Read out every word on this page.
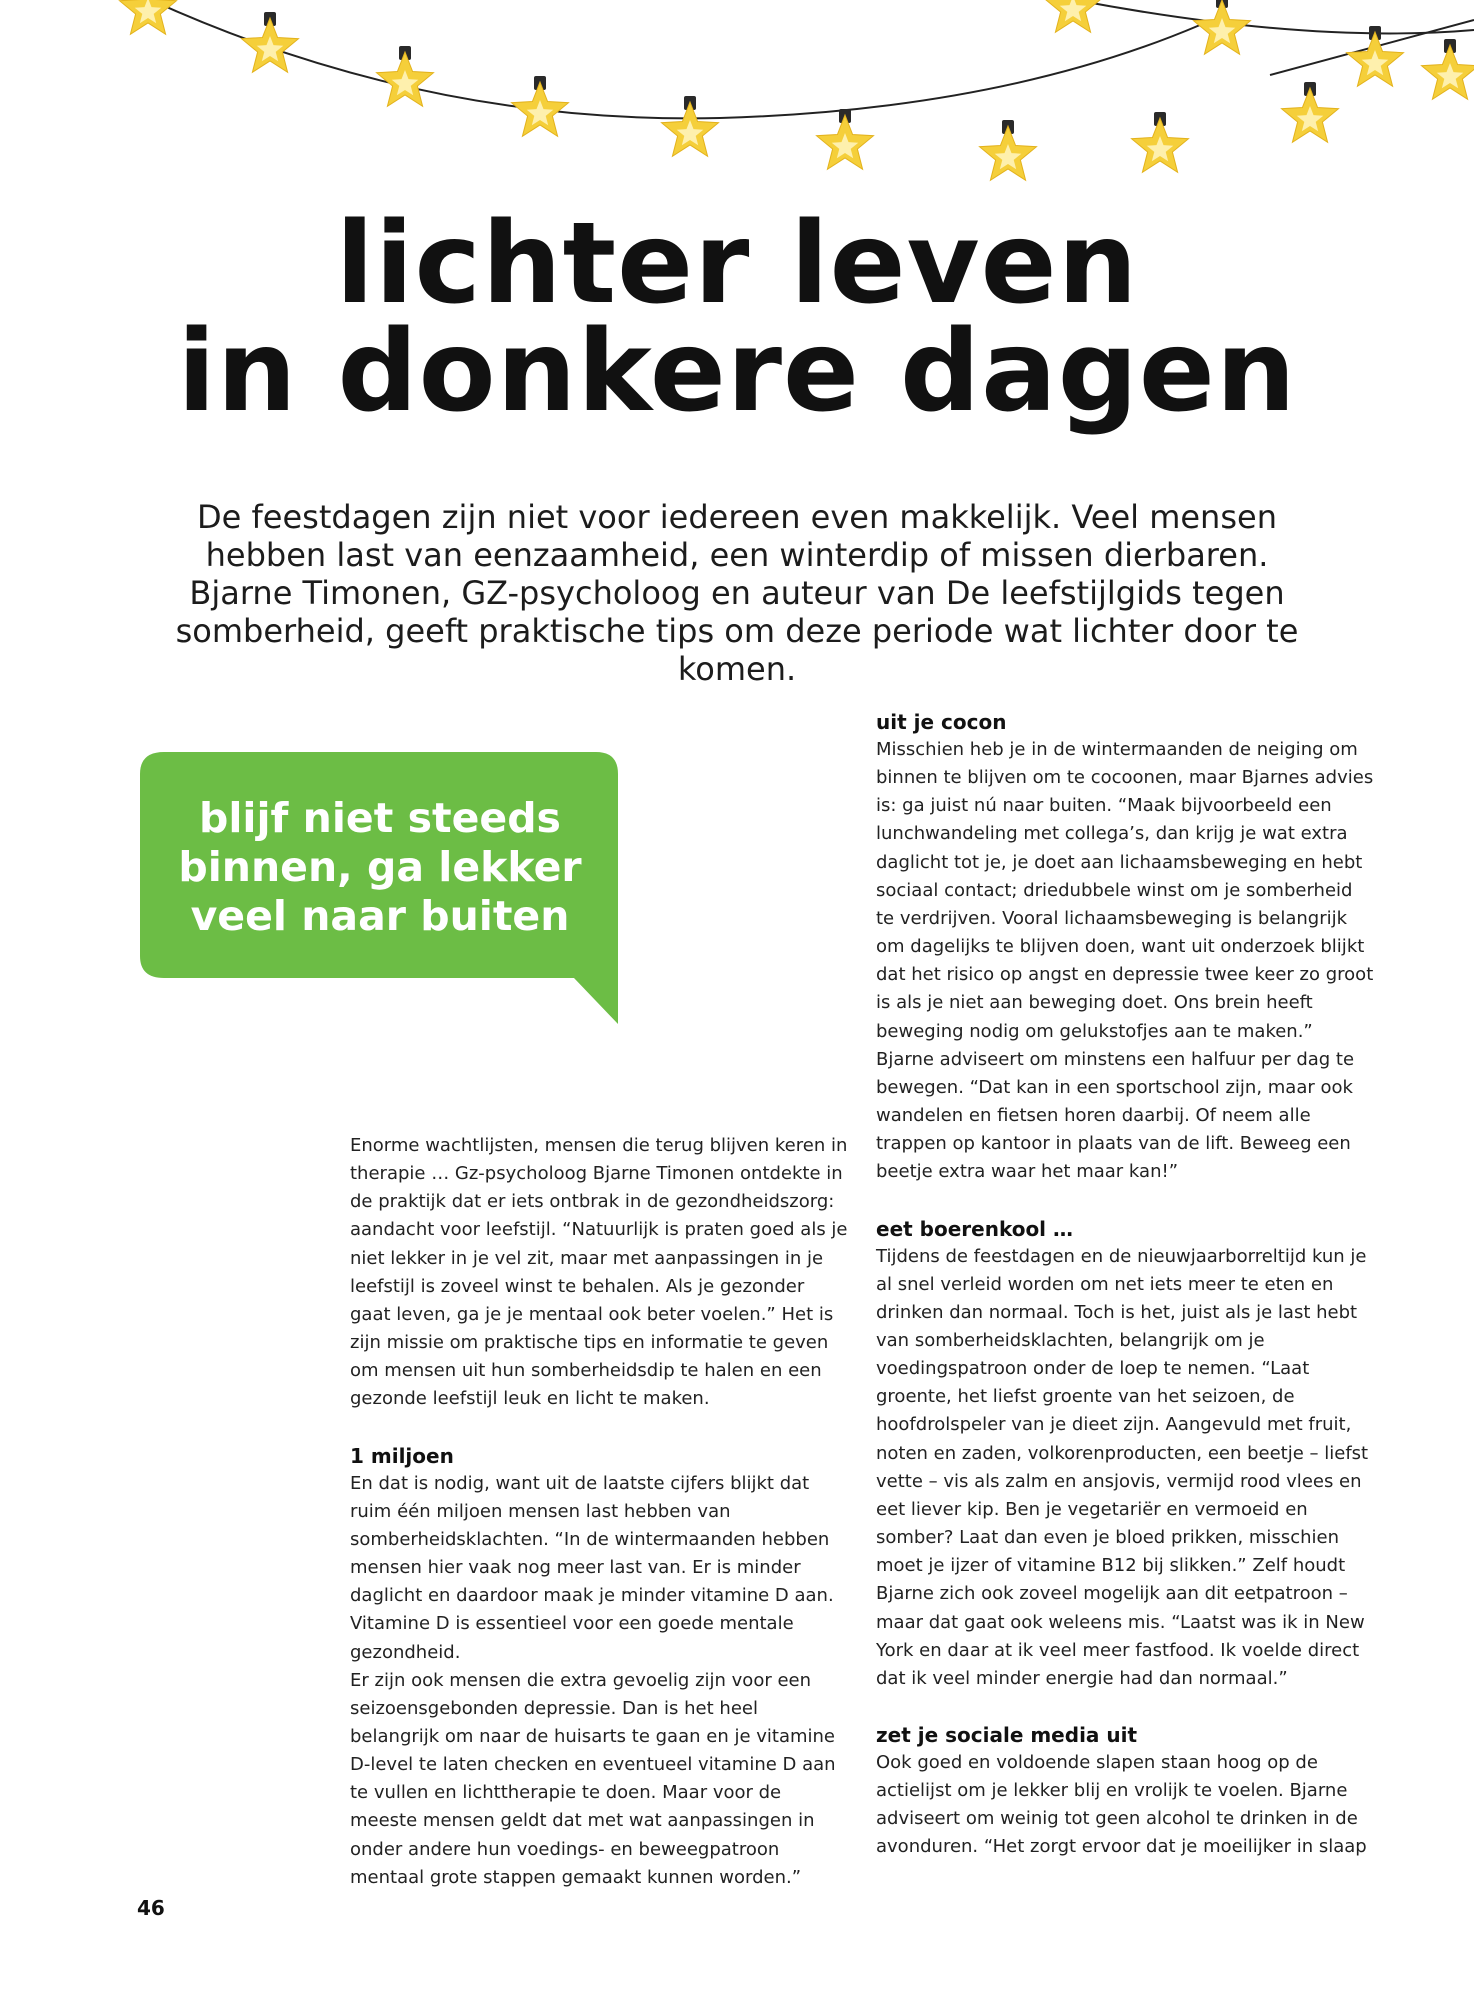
lichter leven
in donkere dagen

De feestdagen zijn niet voor iedereen even makkelijk. Veel mensen hebben last van eenzaamheid, een winterdip of missen dierbaren. Bjarne Timonen, GZ-psycholoog en auteur van De leefstijlgids tegen somberheid, geeft praktische tips om deze periode wat lichter door te komen.

blijf niet steeds
binnen, ga lekker
veel naar buiten

Enorme wachtlijsten, mensen die terug blijven keren in therapie … Gz-psycholoog Bjarne Timonen ontdekte in de praktijk dat er iets ontbrak in de gezondheidszorg: aandacht voor leefstijl. “Natuurlijk is praten goed als je niet lekker in je vel zit, maar met aanpassingen in je leefstijl is zoveel winst te behalen. Als je gezonder gaat leven, ga je je mentaal ook beter voelen.” Het is zijn missie om praktische tips en informatie te geven om mensen uit hun somberheidsdip te halen en een gezonde leefstijl leuk en licht te maken.

1 miljoen

En dat is nodig, want uit de laatste cijfers blijkt dat ruim één miljoen mensen last hebben van somberheidsklachten. “In de wintermaanden hebben mensen hier vaak nog meer last van. Er is minder daglicht en daardoor maak je minder vitamine D aan. Vitamine D is essentieel voor een goede mentale gezondheid.

Er zijn ook mensen die extra gevoelig zijn voor een seizoensgebonden depressie. Dan is het heel belangrijk om naar de huisarts te gaan en je vitamine D-level te laten checken en eventueel vitamine D aan te vullen en lichttherapie te doen. Maar voor de meeste mensen geldt dat met wat aanpassingen in onder andere hun voedings- en beweegpatroon mentaal grote stappen gemaakt kunnen worden.”

uit je cocon

Misschien heb je in de wintermaanden de neiging om binnen te blijven om te cocoonen, maar Bjarnes advies is: ga juist nú naar buiten. “Maak bijvoorbeeld een lunchwandeling met collega’s, dan krijg je wat extra daglicht tot je, je doet aan lichaamsbeweging en hebt sociaal contact; driedubbele winst om je somberheid te verdrijven. Vooral lichaamsbeweging is belangrijk om dagelijks te blijven doen, want uit onderzoek blijkt dat het risico op angst en depressie twee keer zo groot is als je niet aan beweging doet. Ons brein heeft beweging nodig om gelukstofjes aan te maken.” Bjarne adviseert om minstens een halfuur per dag te bewegen. “Dat kan in een sportschool zijn, maar ook wandelen en fietsen horen daarbij. Of neem alle trappen op kantoor in plaats van de lift. Beweeg een beetje extra waar het maar kan!”

eet boerenkool …

Tijdens de feestdagen en de nieuwjaarborreltijd kun je al snel verleid worden om net iets meer te eten en drinken dan normaal. Toch is het, juist als je last hebt van somberheidsklachten, belangrijk om je voedingspatroon onder de loep te nemen. “Laat groente, het liefst groente van het seizoen, de hoofdrolspeler van je dieet zijn. Aangevuld met fruit, noten en zaden, volkorenproducten, een beetje – liefst vette – vis als zalm en ansjovis, vermijd rood vlees en eet liever kip. Ben je vegetariër en vermoeid en somber? Laat dan even je bloed prikken, misschien moet je ijzer of vitamine B12 bij slikken.” Zelf houdt Bjarne zich ook zoveel mogelijk aan dit eetpatroon – maar dat gaat ook weleens mis. “Laatst was ik in New York en daar at ik veel meer fastfood. Ik voelde direct dat ik veel minder energie had dan normaal.”

zet je sociale media uit

Ook goed en voldoende slapen staan hoog op de actielijst om je lekker blij en vrolijk te voelen. Bjarne adviseert om weinig tot geen alcohol te drinken in de avonduren. “Het zorgt ervoor dat je moeilijker in slaap

46
